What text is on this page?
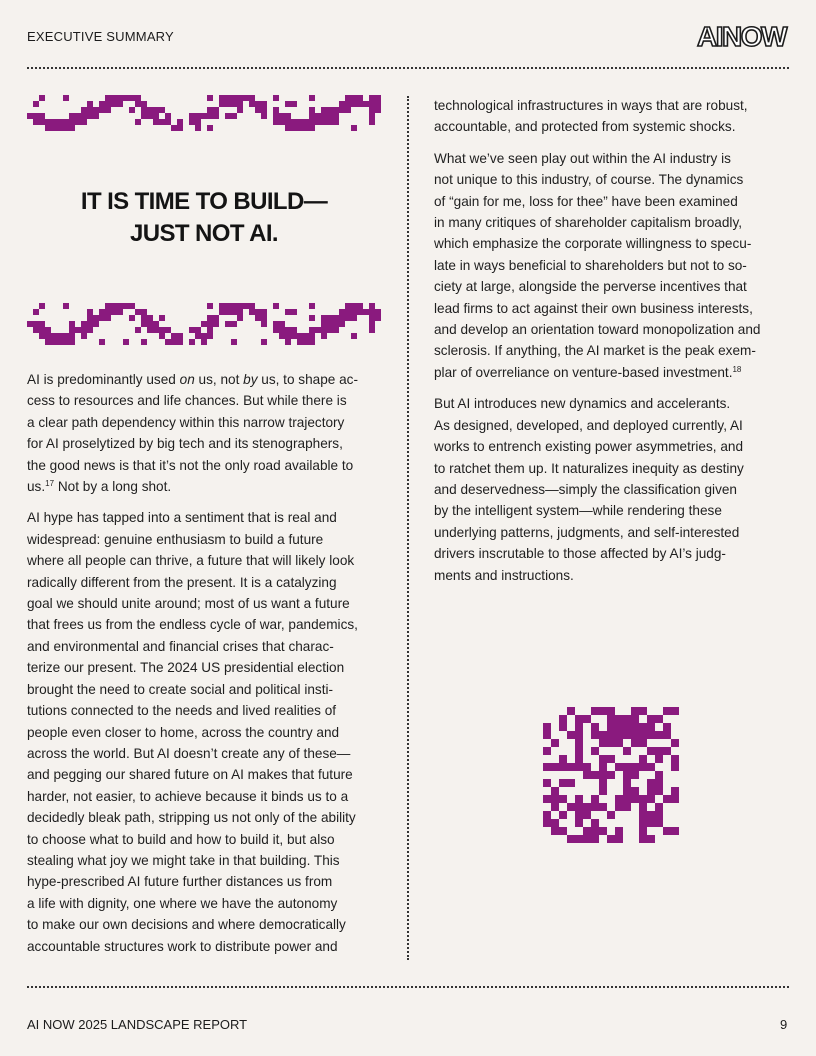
EXECUTIVE SUMMARY	AINOW
IT IS TIME TO BUILD—
JUST NOT AI.

AI is predominantly used on us, not by us, to shape ac-
cess to resources and life chances. But while there is
a clear path dependency within this narrow trajectory
for AI proselytized by big tech and its stenographers,
the good news is that it’s not the only road available to
us.$^{17}$ Not by a long shot.

AI hype has tapped into a sentiment that is real and
widespread: genuine enthusiasm to build a future
where all people can thrive, a future that will likely look
radically different from the present. It is a catalyzing
goal we should unite around; most of us want a future
that frees us from the endless cycle of war, pandemics,
and environmental and financial crises that charac-
terize our present. The 2024 US presidential election
brought the need to create social and political insti-
tutions connected to the needs and lived realities of
people even closer to home, across the country and
across the world. But AI doesn’t create any of these—
and pegging our shared future on AI makes that future
harder, not easier, to achieve because it binds us to a
decidedly bleak path, stripping us not only of the ability
to choose what to build and how to build it, but also
stealing what joy we might take in that building. This
hype-prescribed AI future further distances us from
a life with dignity, one where we have the autonomy
to make our own decisions and where democratically
accountable structures work to distribute power and

technological infrastructures in ways that are robust,
accountable, and protected from systemic shocks.

What we’ve seen play out within the AI industry is
not unique to this industry, of course. The dynamics
of “gain for me, loss for thee” have been examined
in many critiques of shareholder capitalism broadly,
which emphasize the corporate willingness to specu-
late in ways beneficial to shareholders but not to so-
ciety at large, alongside the perverse incentives that
lead firms to act against their own business interests,
and develop an orientation toward monopolization and
sclerosis. If anything, the AI market is the peak exem-
plar of overreliance on venture-based investment.$^{18}$

But AI introduces new dynamics and accelerants.
As designed, developed, and deployed currently, AI
works to entrench existing power asymmetries, and
to ratchet them up. It naturalizes inequity as destiny
and deservedness—simply the classification given
by the intelligent system—while rendering these
underlying patterns, judgments, and self-interested
drivers inscrutable to those affected by AI’s judg-
ments and instructions.

AI NOW 2025 LANDSCAPE REPORT	9
